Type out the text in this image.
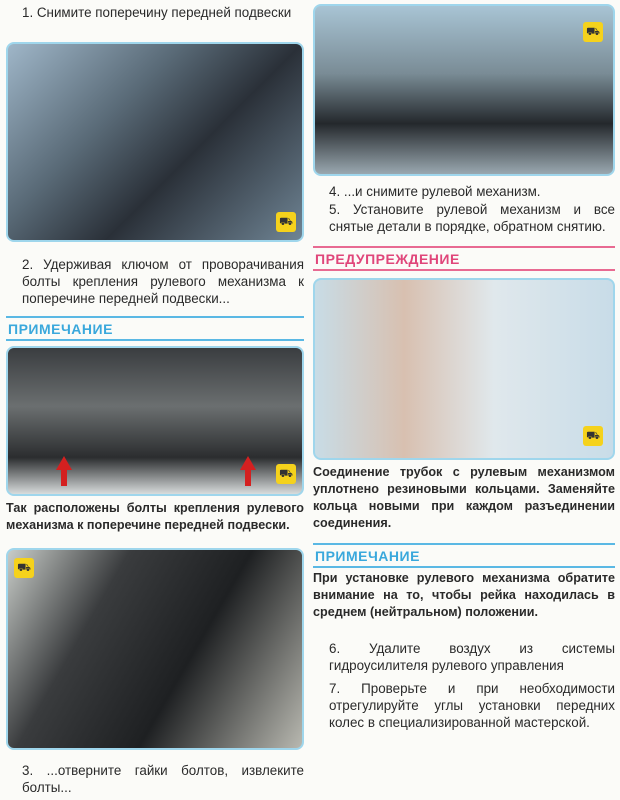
1. Снимите поперечину передней подвески
⛟
2. Удерживая ключом от проворачивания болты крепления рулевого механизма к поперечине передней подвески...
ПРИМЕЧАНИЕ
⛟
Так расположены болты крепления рулевого механизма к поперечине передней подвески.
⛟
3. ...отверните гайки болтов, извлеките болты...
⛟
4. ...и снимите рулевой механизм.
5. Установите рулевой механизм и все снятые детали в порядке, обратном снятию.
ПРЕДУПРЕЖДЕНИЕ
⛟
Соединение трубок с рулевым механизмом уплотнено резиновыми кольцами. Заменяйте кольца новыми при каждом разъединении соединения.
ПРИМЕЧАНИЕ
При установке рулевого механизма обратите внимание на то, чтобы рейка находилась в среднем (нейтральном) положении.
6. Удалите воздух из системы гидроусилителя рулевого управления
7. Проверьте и при необходимости отрегулируйте углы установки передних колес в специализированной мастерской.
